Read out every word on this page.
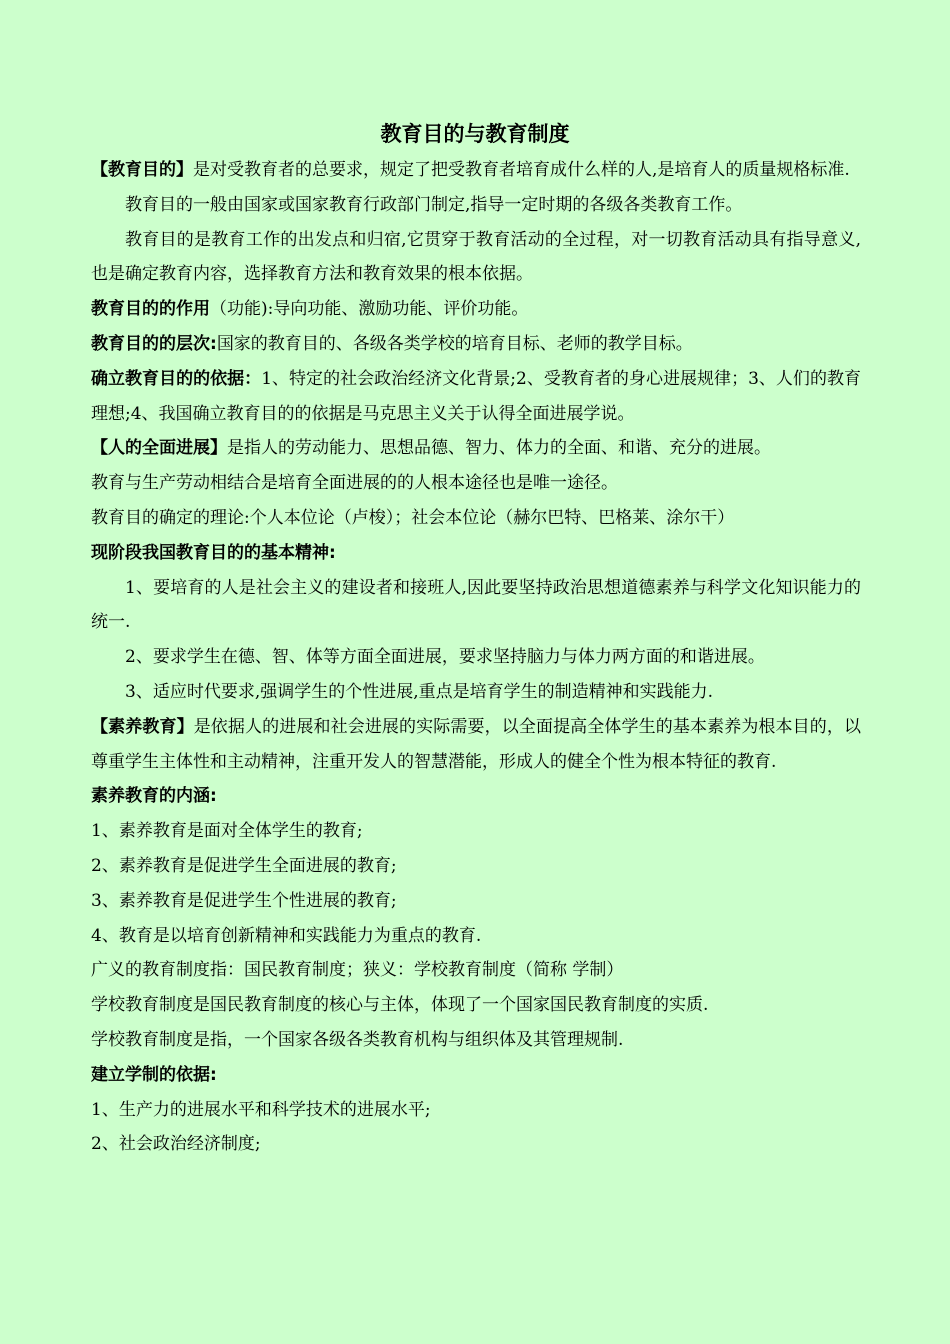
教育目的与教育制度

【教育目的】是对受教育者的总要求，规定了把受教育者培育成什么样的人,是培育人的质量规格标准.

教育目的一般由国家或国家教育行政部门制定,指导一定时期的各级各类教育工作。

教育目的是教育工作的出发点和归宿,它贯穿于教育活动的全过程，对一切教育活动具有指导意义,也是确定教育内容，选择教育方法和教育效果的根本依据。

教育目的的作用（功能):导向功能、激励功能、评价功能。

教育目的的层次:国家的教育目的、各级各类学校的培育目标、老师的教学目标。

确立教育目的的依据：1、特定的社会政治经济文化背景;2、受教育者的身心进展规律；3、人们的教育理想;4、我国确立教育目的的依据是马克思主义关于认得全面进展学说。

【人的全面进展】是指人的劳动能力、思想品德、智力、体力的全面、和谐、充分的进展。

教育与生产劳动相结合是培育全面进展的的人根本途径也是唯一途径。

教育目的确定的理论:个人本位论（卢梭）；社会本位论（赫尔巴特、巴格莱、涂尔干）

现阶段我国教育目的的基本精神:

1、要培育的人是社会主义的建设者和接班人,因此要坚持政治思想道德素养与科学文化知识能力的统一.

2、要求学生在德、智、体等方面全面进展，要求坚持脑力与体力两方面的和谐进展。

3、适应时代要求,强调学生的个性进展,重点是培育学生的制造精神和实践能力.

【素养教育】是依据人的进展和社会进展的实际需要，以全面提高全体学生的基本素养为根本目的，以尊重学生主体性和主动精神，注重开发人的智慧潜能，形成人的健全个性为根本特征的教育.

素养教育的内涵:

1、素养教育是面对全体学生的教育;

2、素养教育是促进学生全面进展的教育;

3、素养教育是促进学生个性进展的教育;

4、教育是以培育创新精神和实践能力为重点的教育.

广义的教育制度指：国民教育制度；狭义：学校教育制度（简称 学制）

学校教育制度是国民教育制度的核心与主体，体现了一个国家国民教育制度的实质.

学校教育制度是指，一个国家各级各类教育机构与组织体及其管理规制.

建立学制的依据:

1、生产力的进展水平和科学技术的进展水平;

2、社会政治经济制度;
